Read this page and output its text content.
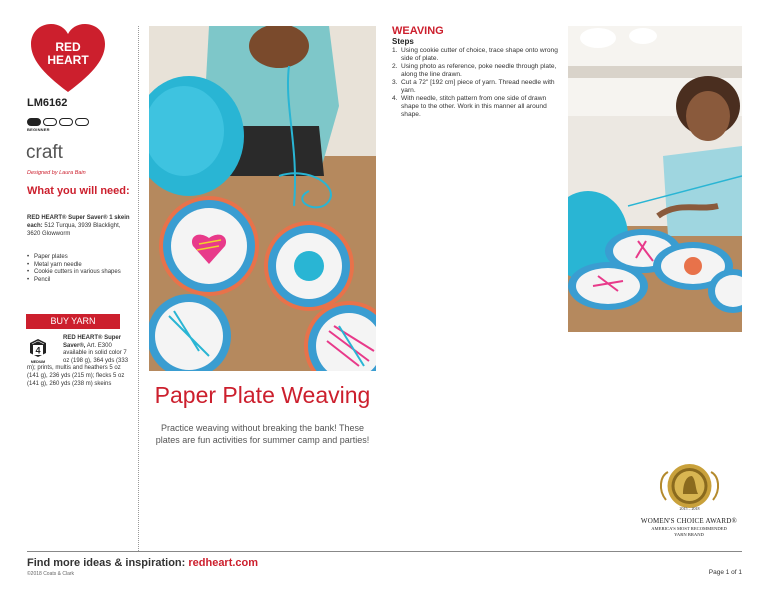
RED
HEART
LM6162
BEGINNER
craft
Designed by Laura Bain
What you will need:
RED HEART® Super Saver® 1 skein each: 512 Turqua, 3939 Blacklight, 3620 Glowworm
• Paper plates
• Metal yarn needle
• Cookie cutters in various shapes
• Pencil
BUY YARN
RED HEART® Super Saver®, Art. E300 available in solid color 7 oz (198 g), 364 yds (333 m); prints, multis and heathers 5 oz (141 g), 236 yds (215 m); flecks 5 oz (141 g), 260 yds (238 m) skeins
4
MEDIUM
Paper Plate Weaving
Practice weaving without breaking the bank! These plates are fun activities for summer camp and parties!
WEAVING
Steps
1. Using cookie cutter of choice, trace shape onto wrong side of plate.
2. Using photo as reference, poke needle through plate, along the line drawn.
3. Cut a 72" [192 cm] piece of yarn. Thread needle with yarn.
4. With needle, stitch pattern from one side of drawn shape to the other. Work in this manner all around shape.
2015 – 2018
WOMEN'S CHOICE AWARD®
AMERICA'S MOST RECOMMENDED
YARN BRAND
Find more ideas & inspiration: redheart.com
©2018 Coats & Clark	Page 1 of 1
